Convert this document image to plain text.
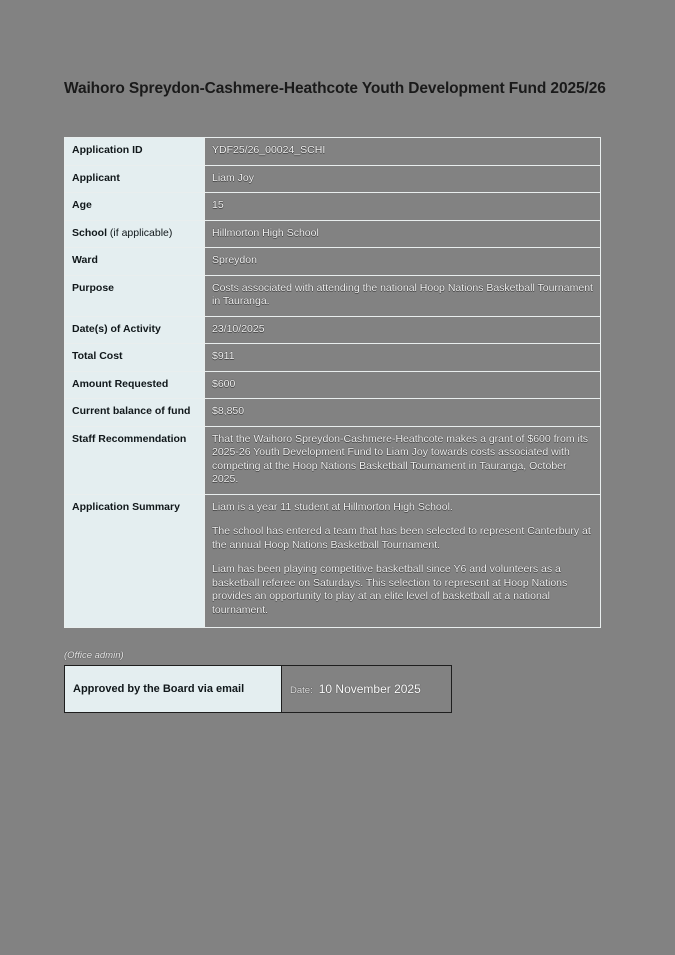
Waihoro Spreydon-Cashmere-Heathcote Youth Development Fund 2025/26
Application ID	YDF25/26_00024_SCHI
Applicant	Liam Joy
Age	15
School (if applicable)	Hillmorton High School
Ward	Spreydon
Purpose	Costs associated with attending the national Hoop Nations Basketball Tournament in Tauranga.
Date(s) of Activity	23/10/2025
Total Cost	$911
Amount Requested	$600
Current balance of fund	$8,850
Staff Recommendation	That the Waihoro Spreydon-Cashmere-Heathcote makes a grant of $600 from its 2025-26 Youth Development Fund to Liam Joy towards costs associated with competing at the Hoop Nations Basketball Tournament in Tauranga, October 2025.
Application Summary	Liam is a year 11 student at Hillmorton High School.

The school has entered a team that has been selected to represent Canterbury at the annual Hoop Nations Basketball Tournament.

Liam has been playing competitive basketball since Y6 and volunteers as a basketball referee on Saturdays. This selection to represent at Hoop Nations provides an opportunity to play at an elite level of basketball at a national tournament.

(Office admin)
Approved by the Board via email	Date: 10 November 2025
